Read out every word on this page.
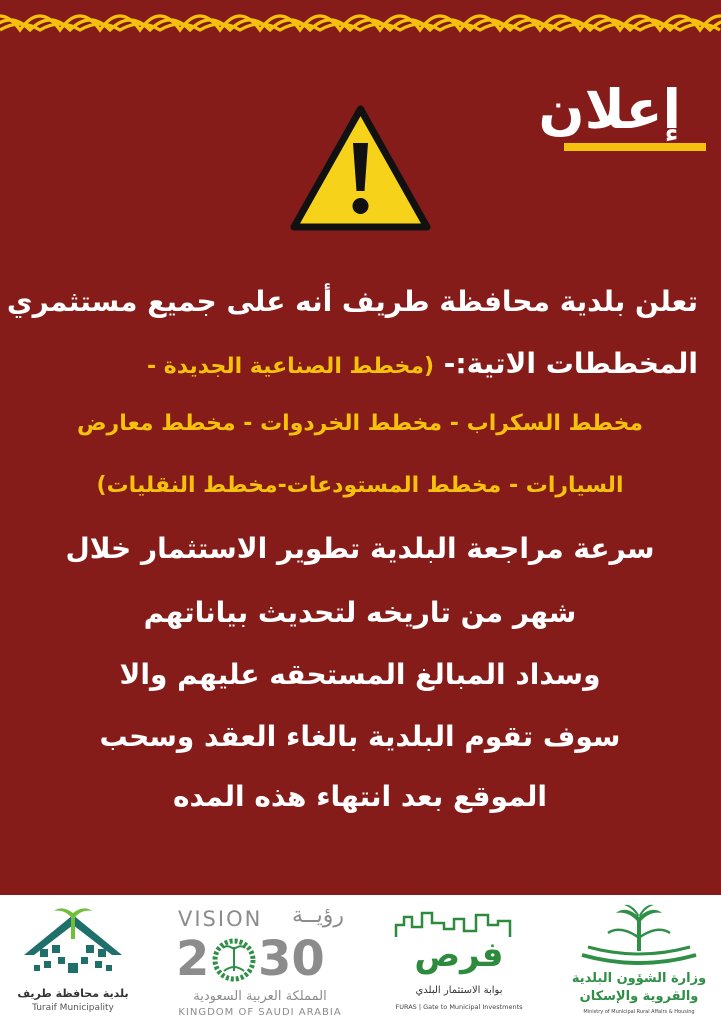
إعلان
تعلن بلدية محافظة طريف أنه على جميع مستثمري
المخططات الاتية:- (مخطط الصناعية الجديدة -
مخطط السكراب - مخطط الخردوات - مخطط معارض
السيارات - مخطط المستودعات-مخطط النقليات)
سرعة مراجعة البلدية تطوير الاستثمار خلال
شهر من تاريخه لتحديث بياناتهم
وسداد المبالغ المستحقه عليهم والا
سوف تقوم البلدية بالغاء العقد وسحب
الموقع بعد انتهاء هذه المده
بلدية محافظة طريف
Turaif Municipality
VISION رؤيــة
2 30
المملكة العربية السعودية
KINGDOM OF SAUDI ARABIA
فرص
بوابة الاستثمار البلدي
FURAS | Gate to Municipal Investments
وزارة الشؤون البلدية
والقروية والإسكان
Ministry of Municipal Rural Affairs & Housing
